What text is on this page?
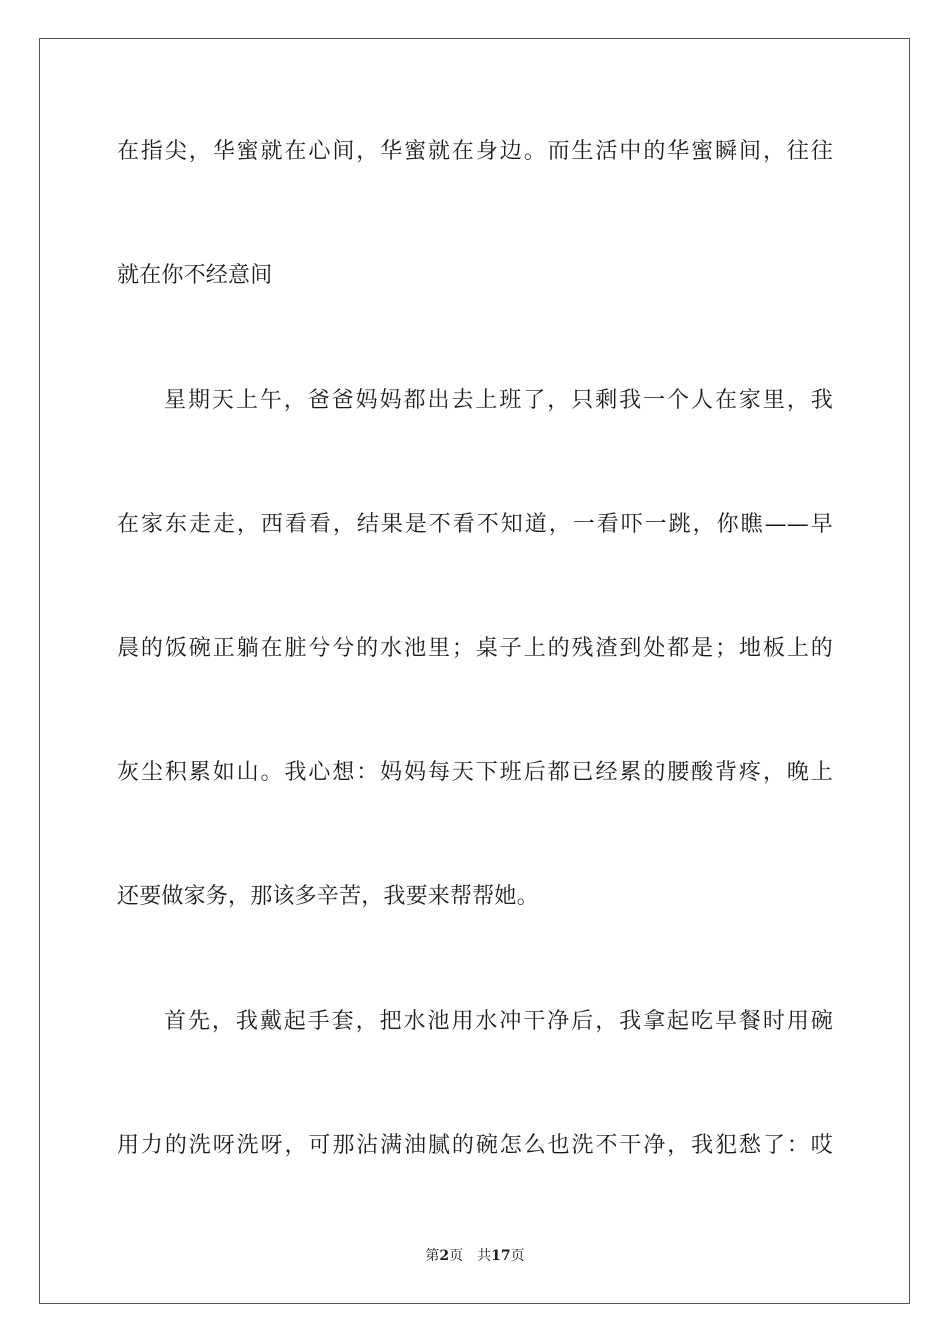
在指尖，华蜜就在心间，华蜜就在身边。而生活中的华蜜瞬间，往往
就在你不经意间
星期天上午，爸爸妈妈都出去上班了，只剩我一个人在家里，我
在家东走走，西看看，结果是不看不知道，一看吓一跳，你瞧——早
晨的饭碗正躺在脏兮兮的水池里；桌子上的残渣到处都是；地板上的
灰尘积累如山。我心想：妈妈每天下班后都已经累的腰酸背疼，晚上
还要做家务，那该多辛苦，我要来帮帮她。
首先，我戴起手套，把水池用水冲干净后，我拿起吃早餐时用碗
用力的洗呀洗呀，可那沾满油腻的碗怎么也洗不干净，我犯愁了：哎
第2页 共17页
